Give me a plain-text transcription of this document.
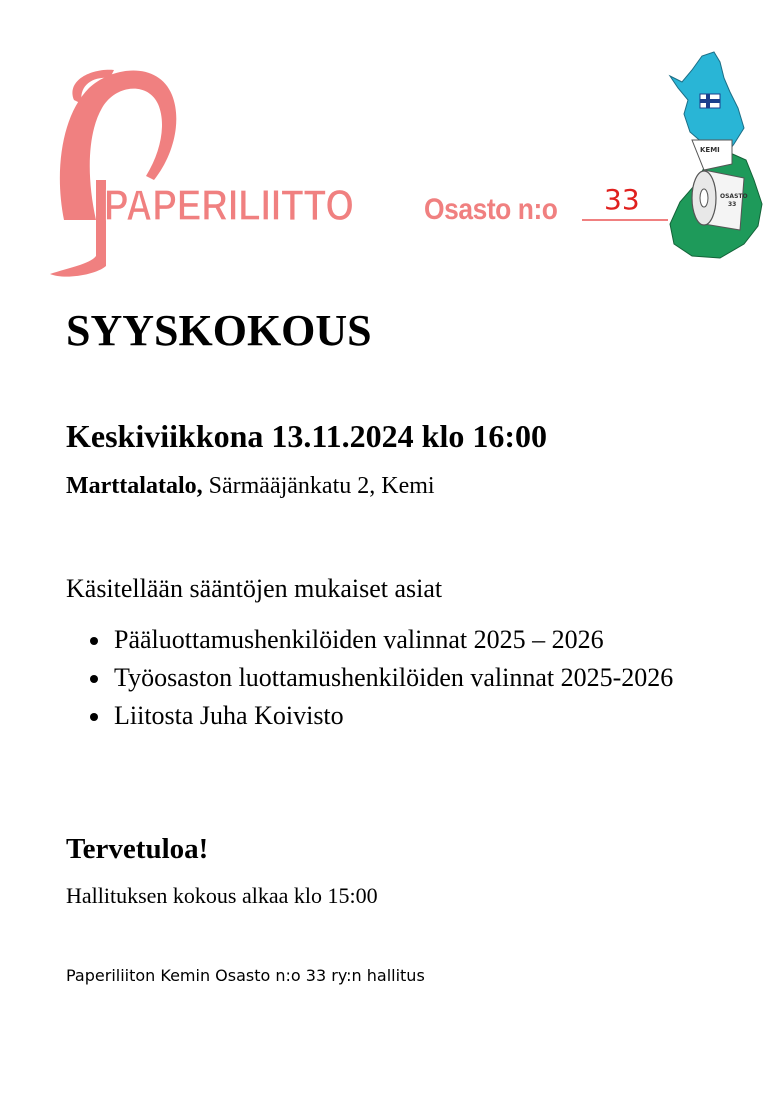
PAPERILIITTO Osasto n:o 33
KEMI
OSASTO
33
SYYSKOKOUS
Keskiviikkona 13.11.2024 klo 16:00
Marttalatalo, Särmääjänkatu 2, Kemi
Käsitellään sääntöjen mukaiset asiat
Pääluottamushenkilöiden valinnat 2025 – 2026
Työosaston luottamushenkilöiden valinnat 2025-2026
Liitosta Juha Koivisto
Tervetuloa!
Hallituksen kokous alkaa klo 15:00
Paperiliiton Kemin Osasto n:o 33 ry:n hallitus
